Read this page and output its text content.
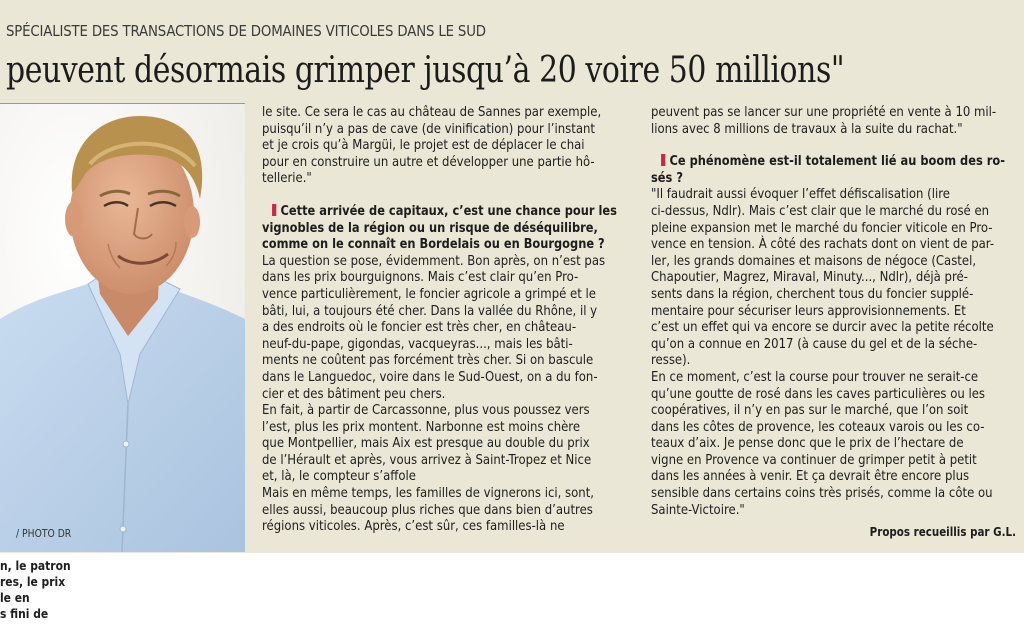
SPÉCIALISTE DES TRANSACTIONS DE DOMAINES VITICOLES DANS LE SUD
peuvent désormais grimper jusqu’à 20 voire 50 millions"
n, le patron
res, le prix
le en
s fini de
/ PHOTO DR
le site. Ce sera le cas au château de Sannes par exemple,
puisqu’il n’y a pas de cave (de vinification) pour l’instant
et je crois qu’à Margüi, le projet est de déplacer le chai
pour en construire un autre et développer une partie hô-
tellerie."
Cette arrivée de capitaux, c’est une chance pour les
vignobles de la région ou un risque de déséquilibre,
comme on le connaît en Bordelais ou en Bourgogne ?
La question se pose, évidemment. Bon après, on n’est pas
dans les prix bourguignons. Mais c’est clair qu’en Pro-
vence particulièrement, le foncier agricole a grimpé et le
bâti, lui, a toujours été cher. Dans la vallée du Rhône, il y
a des endroits où le foncier est très cher, en château-
neuf-du-pape, gigondas, vacqueyras..., mais les bâti-
ments ne coûtent pas forcément très cher. Si on bascule
dans le Languedoc, voire dans le Sud-Ouest, on a du fon-
cier et des bâtiment peu chers.
En fait, à partir de Carcassonne, plus vous poussez vers
l’est, plus les prix montent. Narbonne est moins chère
que Montpellier, mais Aix est presque au double du prix
de l’Hérault et après, vous arrivez à Saint-Tropez et Nice
et, là, le compteur s’affole
Mais en même temps, les familles de vignerons ici, sont,
elles aussi, beaucoup plus riches que dans bien d’autres
régions viticoles. Après, c’est sûr, ces familles-là ne
peuvent pas se lancer sur une propriété en vente à 10 mil-
lions avec 8 millions de travaux à la suite du rachat."
Ce phénomène est-il totalement lié au boom des ro-
sés ?
"Il faudrait aussi évoquer l’effet défiscalisation (lire
ci-dessus, Ndlr). Mais c’est clair que le marché du rosé en
pleine expansion met le marché du foncier viticole en Pro-
vence en tension. À côté des rachats dont on vient de par-
ler, les grands domaines et maisons de négoce (Castel,
Chapoutier, Magrez, Miraval, Minuty..., Ndlr), déjà pré-
sents dans la région, cherchent tous du foncier supplé-
mentaire pour sécuriser leurs approvisionnements. Et
c’est un effet qui va encore se durcir avec la petite récolte
qu’on a connue en 2017 (à cause du gel et de la séche-
resse).
En ce moment, c’est la course pour trouver ne serait-ce
qu’une goutte de rosé dans les caves particulières ou les
coopératives, il n’y en pas sur le marché, que l’on soit
dans les côtes de provence, les coteaux varois ou les co-
teaux d’aix. Je pense donc que le prix de l’hectare de
vigne en Provence va continuer de grimper petit à petit
dans les années à venir. Et ça devrait être encore plus
sensible dans certains coins très prisés, comme la côte ou
Sainte-Victoire."
Propos recueillis par G.L.
